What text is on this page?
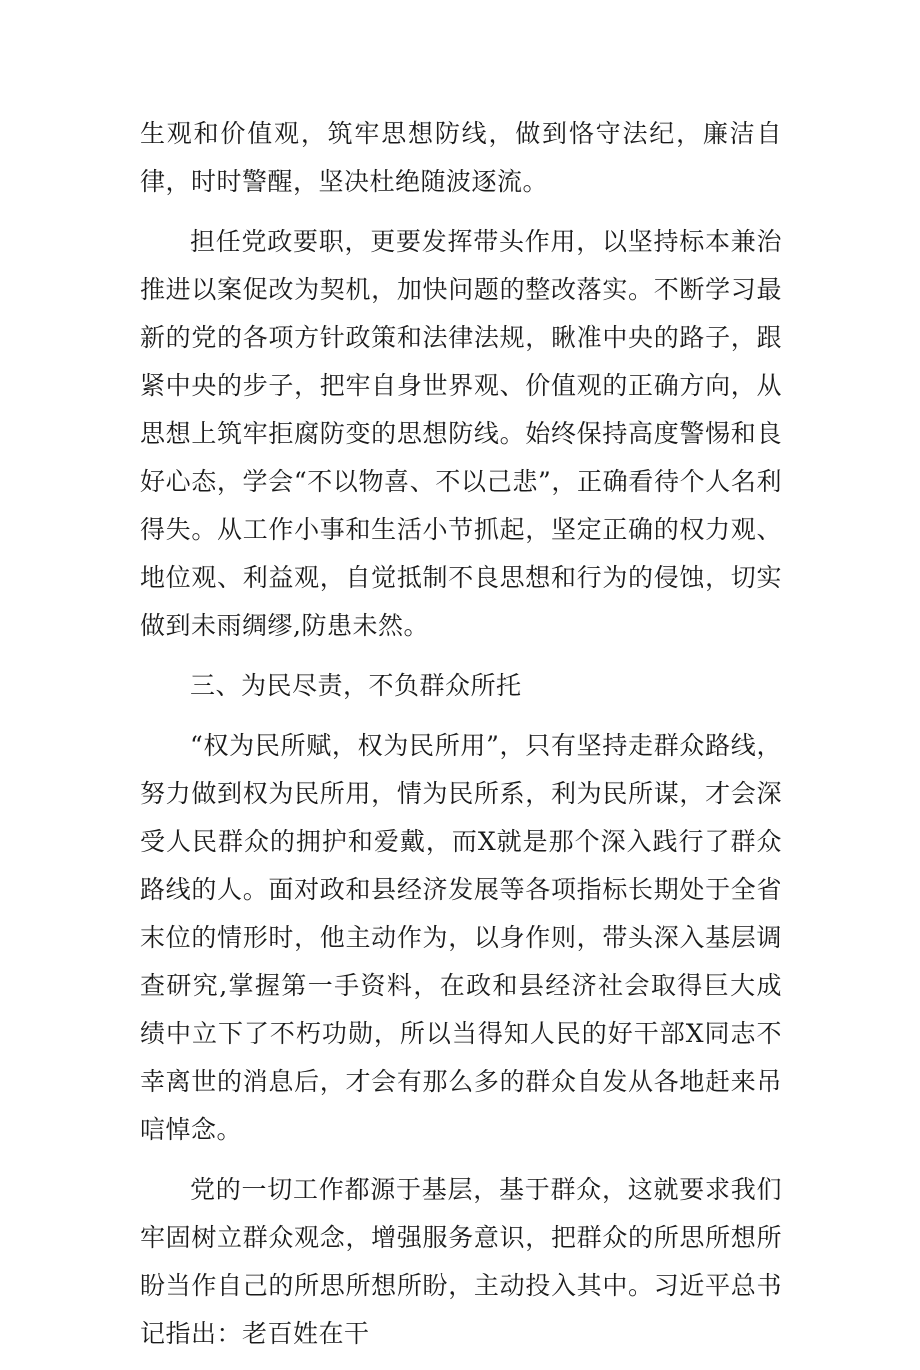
生观和价值观，筑牢思想防线，做到恪守法纪，廉洁自律，时时警醒，坚决杜绝随波逐流。

担任党政要职，更要发挥带头作用，以坚持标本兼治推进以案促改为契机，加快问题的整改落实。不断学习最新的党的各项方针政策和法律法规，瞅准中央的路子，跟紧中央的步子，把牢自身世界观、价值观的正确方向，从思想上筑牢拒腐防变的思想防线。始终保持高度警惕和良好心态，学会“不以物喜、不以己悲”，正确看待个人名利得失。从工作小事和生活小节抓起，坚定正确的权力观、地位观、利益观，自觉抵制不良思想和行为的侵蚀，切实做到未雨绸缪,防患未然。

三、为民尽责，不负群众所托

“权为民所赋，权为民所用”，只有坚持走群众路线，努力做到权为民所用，情为民所系，利为民所谋，才会深受人民群众的拥护和爱戴，而X就是那个深入践行了群众路线的人。面对政和县经济发展等各项指标长期处于全省末位的情形时，他主动作为，以身作则，带头深入基层调查研究,掌握第一手资料，在政和县经济社会取得巨大成绩中立下了不朽功勋，所以当得知人民的好干部X同志不幸离世的消息后，才会有那么多的群众自发从各地赶来吊唁悼念。

党的一切工作都源于基层，基于群众，这就要求我们牢固树立群众观念，增强服务意识，把群众的所思所想所盼当作自己的所思所想所盼，主动投入其中。习近平总书记指出：老百姓在干
